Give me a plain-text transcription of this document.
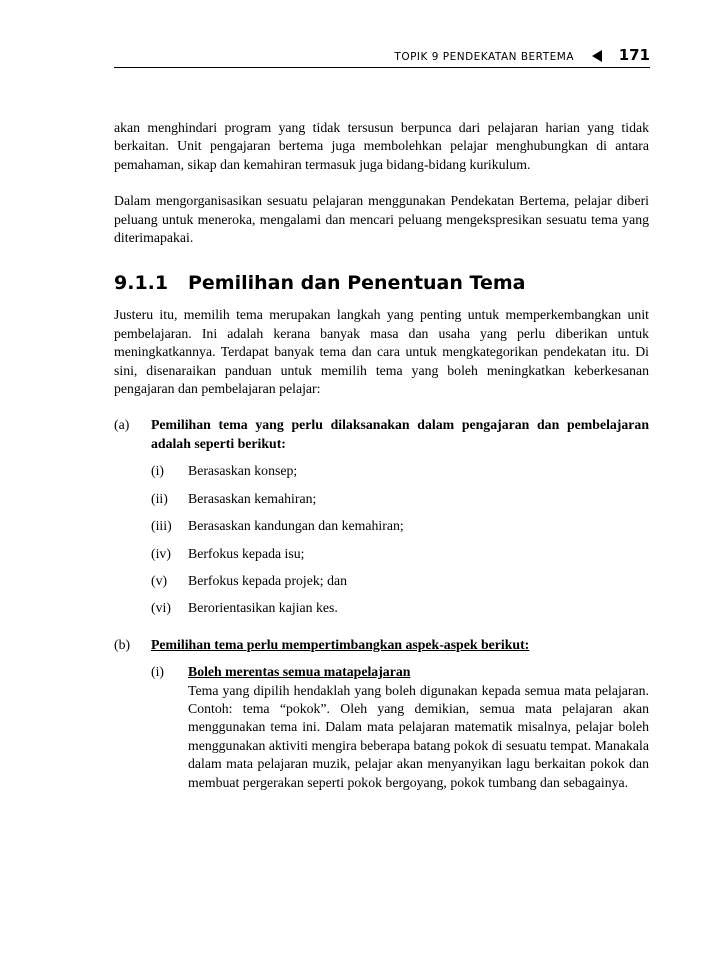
TOPIK 9 PENDEKATAN BERTEMA	171

akan menghindari program yang tidak tersusun berpunca dari pelajaran harian yang tidak berkaitan. Unit pengajaran bertema juga membolehkan pelajar menghubungkan di antara pemahaman, sikap dan kemahiran termasuk juga bidang-bidang kurikulum.

Dalam mengorganisasikan sesuatu pelajaran menggunakan Pendekatan Bertema, pelajar diberi peluang untuk meneroka, mengalami dan mencari peluang mengekspresikan sesuatu tema yang diterimapakai.

9.1.1 Pemilihan dan Penentuan Tema

Justeru itu, memilih tema merupakan langkah yang penting untuk memperkembangkan unit pembelajaran. Ini adalah kerana banyak masa dan usaha yang perlu diberikan untuk meningkatkannya. Terdapat banyak tema dan cara untuk mengkategorikan pendekatan itu. Di sini, disenaraikan panduan untuk memilih tema yang boleh meningkatkan keberkesanan pengajaran dan pembelajaran pelajar:

(a)	Pemilihan tema yang perlu dilaksanakan dalam pengajaran dan pembelajaran adalah seperti berikut:
(i)	Berasaskan konsep;
(ii)	Berasaskan kemahiran;
(iii)	Berasaskan kandungan dan kemahiran;
(iv)	Berfokus kepada isu;
(v)	Berfokus kepada projek; dan
(vi)	Berorientasikan kajian kes.
(b)	Pemilihan tema perlu mempertimbangkan aspek-aspek berikut:
(i)	Boleh merentas semua matapelajaran
Tema yang dipilih hendaklah yang boleh digunakan kepada semua mata pelajaran. Contoh: tema “pokok”. Oleh yang demikian, semua mata pelajaran akan menggunakan tema ini. Dalam mata pelajaran matematik misalnya, pelajar boleh menggunakan aktiviti mengira beberapa batang pokok di sesuatu tempat. Manakala dalam mata pelajaran muzik, pelajar akan menyanyikan lagu berkaitan pokok dan membuat pergerakan seperti pokok bergoyang, pokok tumbang dan sebagainya.
